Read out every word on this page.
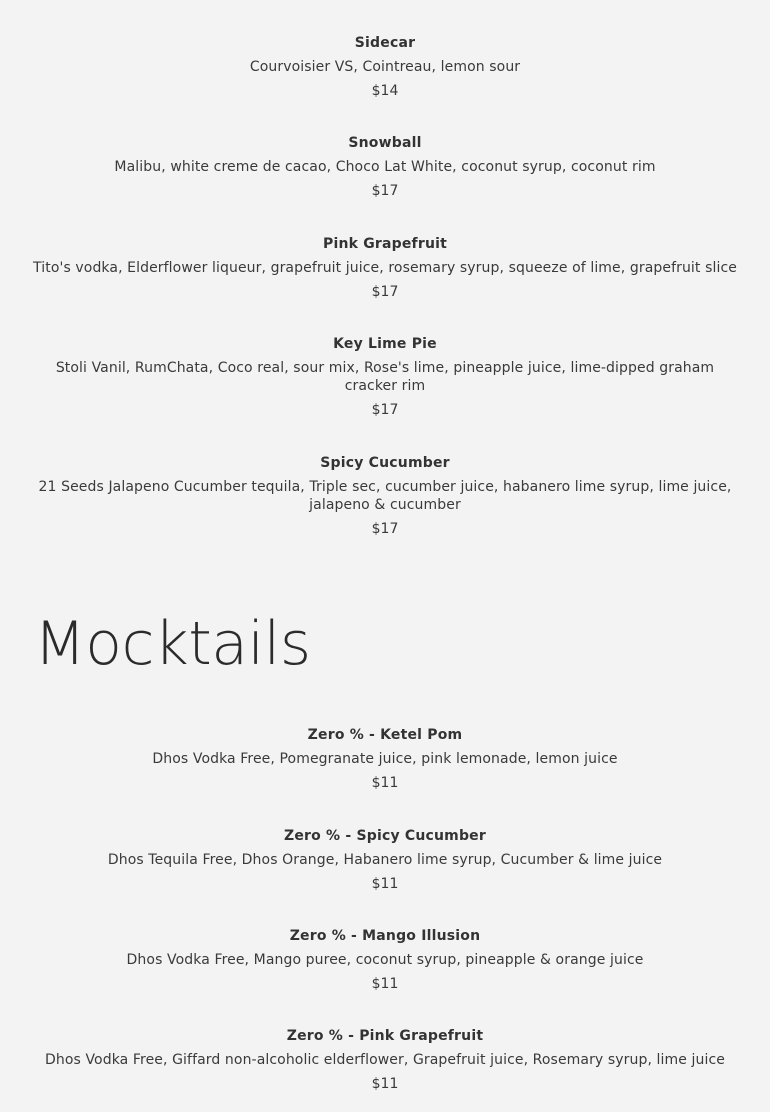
Sidecar
Courvoisier VS, Cointreau, lemon sour
$14
Snowball
Malibu, white creme de cacao, Choco Lat White, coconut syrup, coconut rim
$17
Pink Grapefruit
Tito's vodka, Elderflower liqueur, grapefruit juice, rosemary syrup, squeeze of lime, grapefruit slice
$17
Key Lime Pie
Stoli Vanil, RumChata, Coco real, sour mix, Rose's lime, pineapple juice, lime-dipped graham cracker rim
$17
Spicy Cucumber
21 Seeds Jalapeno Cucumber tequila, Triple sec, cucumber juice, habanero lime syrup, lime juice, jalapeno & cucumber
$17
Mocktails
Zero % - Ketel Pom
Dhos Vodka Free, Pomegranate juice, pink lemonade, lemon juice
$11
Zero % - Spicy Cucumber
Dhos Tequila Free, Dhos Orange, Habanero lime syrup, Cucumber & lime juice
$11
Zero % - Mango Illusion
Dhos Vodka Free, Mango puree, coconut syrup, pineapple & orange juice
$11
Zero % - Pink Grapefruit
Dhos Vodka Free, Giffard non-alcoholic elderflower, Grapefruit juice, Rosemary syrup, lime juice
$11
